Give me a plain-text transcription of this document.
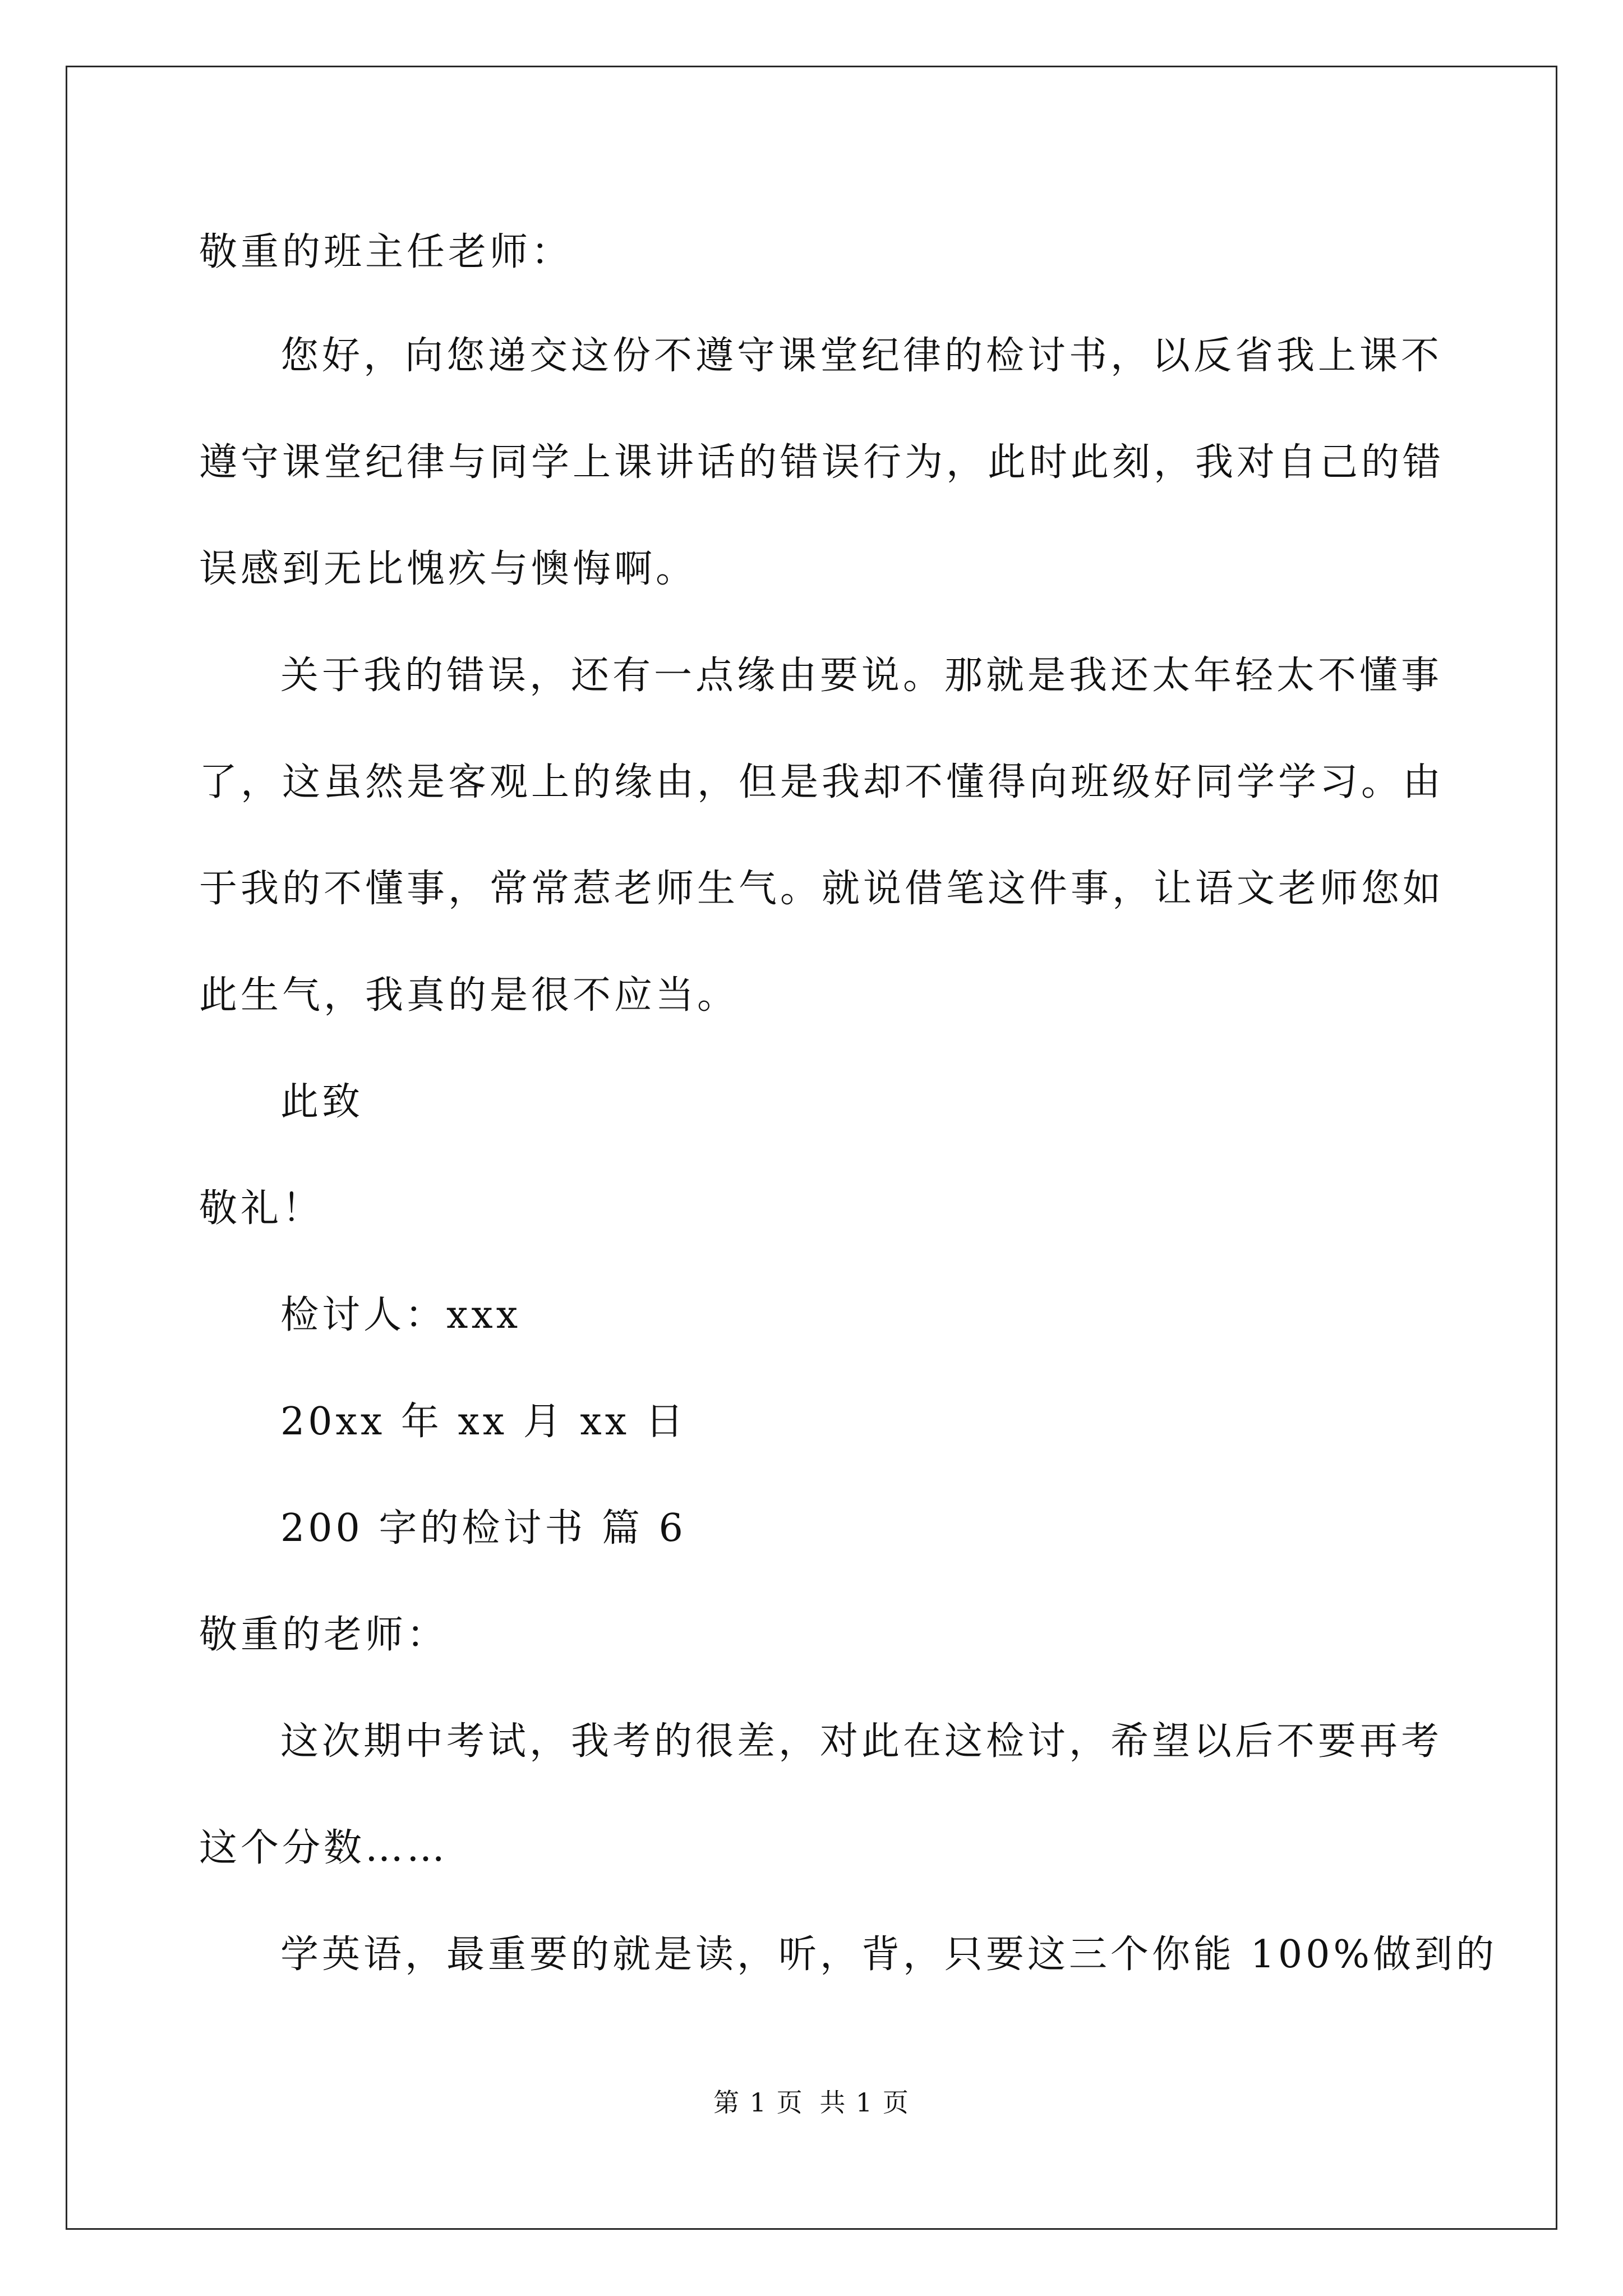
敬重的班主任老师：
您好，向您递交这份不遵守课堂纪律的检讨书，以反省我上课不
遵守课堂纪律与同学上课讲话的错误行为，此时此刻，我对自己的错
误感到无比愧疚与懊悔啊。
关于我的错误，还有一点缘由要说。那就是我还太年轻太不懂事
了，这虽然是客观上的缘由，但是我却不懂得向班级好同学学习。由
于我的不懂事，常常惹老师生气。就说借笔这件事，让语文老师您如
此生气，我真的是很不应当。
此致
敬礼！
检讨人：xxx
20xx 年 xx 月 xx 日
200 字的检讨书 篇 6
敬重的老师：
这次期中考试，我考的很差，对此在这检讨，希望以后不要再考
这个分数……
学英语，最重要的就是读，听，背，只要这三个你能 100%做到的
第 1 页 共 1 页
